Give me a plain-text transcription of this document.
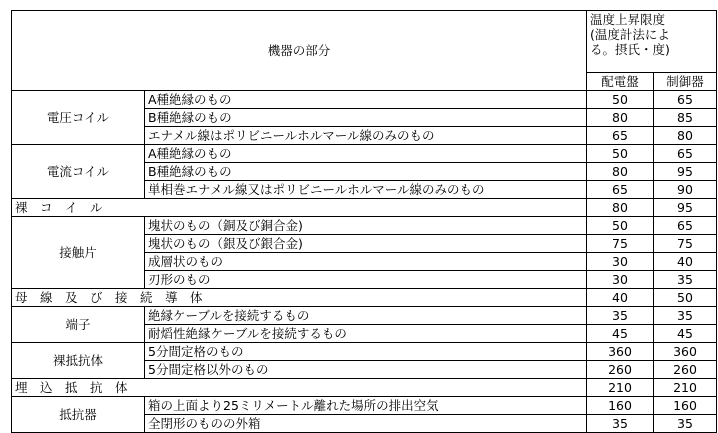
機器の部分		温度上昇限度
(温度計法によ
る。摂氏・度)	

		配電盤	制御器
電圧コイル	A種絶縁のもの	50	65
	B種絶縁のもの	80	85
	エナメル線はポリビニールホルマール線のみのもの	65	80
電流コイル	A種絶縁のもの	50	65
	B種絶縁のもの	80	95
	単相巻エナメル線又はポリビニールホルマール線のみのもの	65	90
裸　コ　イ　ル		80	95
接触片	塊状のもの（銅及び銅合金)	50	65
	塊状のもの（銀及び銀合金)	75	75
	成層状のもの	30	40
	刃形のもの	30	35
母　線　及　び　接　続　導　体		40	50
端子	絶縁ケーブルを接続するもの	35	35
	耐熖性絶縁ケーブルを接続するもの	45	45
裸抵抗体	5分間定格のもの	360	360
	5分間定格以外のもの	260	260
埋　込　抵　抗　体		210	210
抵抗器	箱の上面より25ミリメートル離れた場所の排出空気	160	160
	全閉形のものの外箱	35	35
